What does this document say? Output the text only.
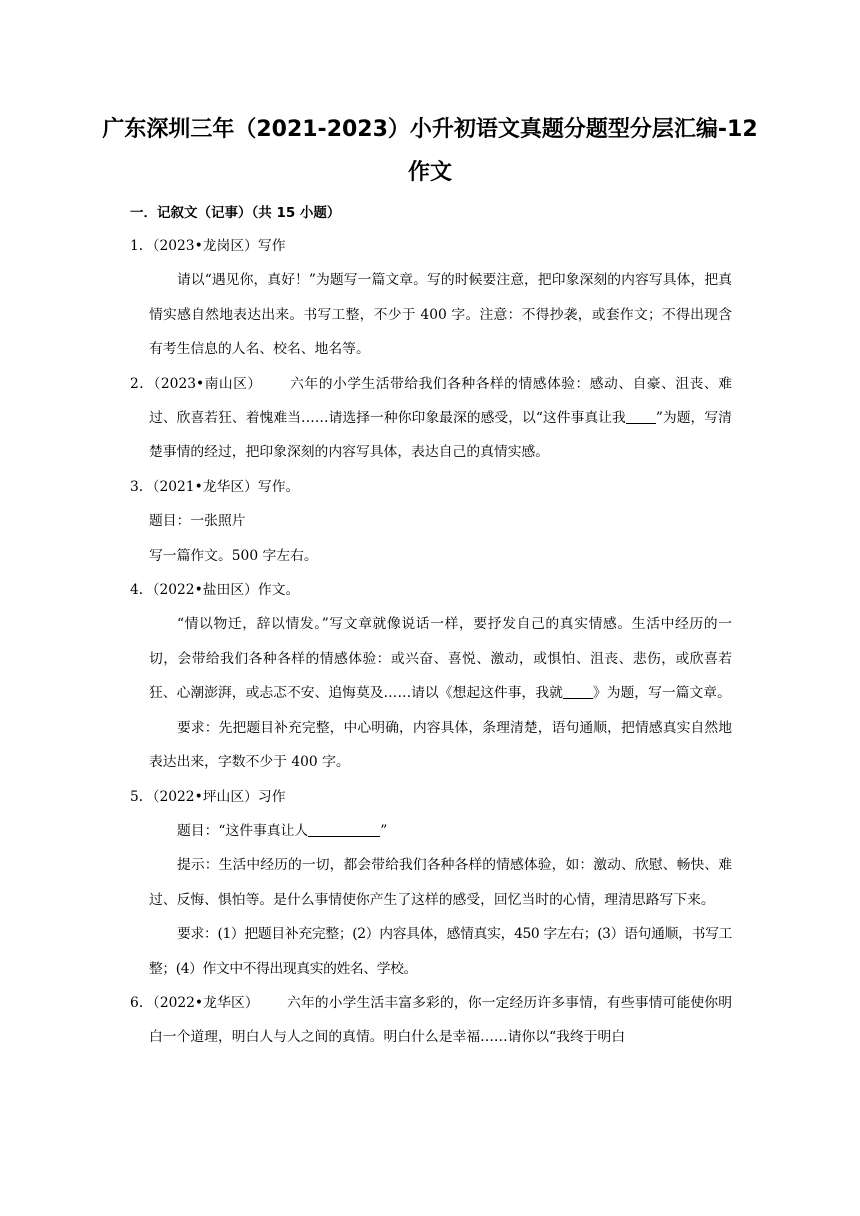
广东深圳三年（2021-2023）小升初语文真题分题型分层汇编-12
作文
一．记叙文（记事）（共 15 小题）

1．（2023•龙岗区）写作

请以“遇见你，真好！”为题写一篇文章。写的时候要注意，把印象深刻的内容写具体，把真情实感自然地表达出来。书写工整，不少于 400 字。注意：不得抄袭，或套作文；不得出现含有考生信息的人名、校名、地名等。

2．（2023•南山区） 六年的小学生活带给我们各种各样的情感体验：感动、自豪、沮丧、难过、欣喜若狂、着愧难当……请选择一种你印象最深的感受，以“这件事真让我 ”为题，写清楚事情的经过，把印象深刻的内容写具体，表达自己的真情实感。

3．（2021•龙华区）写作。

题目：一张照片

写一篇作文。500 字左右。

4．（2022•盐田区）作文。

“情以物迁，辞以情发。”写文章就像说话一样，要抒发自己的真实情感。生活中经历的一切，会带给我们各种各样的情感体验：或兴奋、喜悦、激动，或惧怕、沮丧、悲伤，或欣喜若狂、心潮澎湃，或忐忑不安、追悔莫及……请以《想起这件事，我就 》为题，写一篇文章。

要求：先把题目补充完整，中心明确，内容具体，条理清楚，语句通顺，把情感真实自然地表达出来，字数不少于 400 字。

5．（2022•坪山区）习作

题目：“这件事真让人	”

提示：生活中经历的一切，都会带给我们各种各样的情感体验，如：激动、欣慰、畅快、难过、反悔、惧怕等。是什么事情使你产生了这样的感受，回忆当时的心情，理清思路写下来。

要求：(1）把题目补充完整；(2）内容具体，感情真实，450 字左右；(3）语句通顺，书写工整；(4）作文中不得出现真实的姓名、学校。

6．（2022•龙华区） 六年的小学生活丰富多彩的，你一定经历许多事情，有些事情可能使你明白一个道理，明白人与人之间的真情。明白什么是幸福……请你以“我终于明白
